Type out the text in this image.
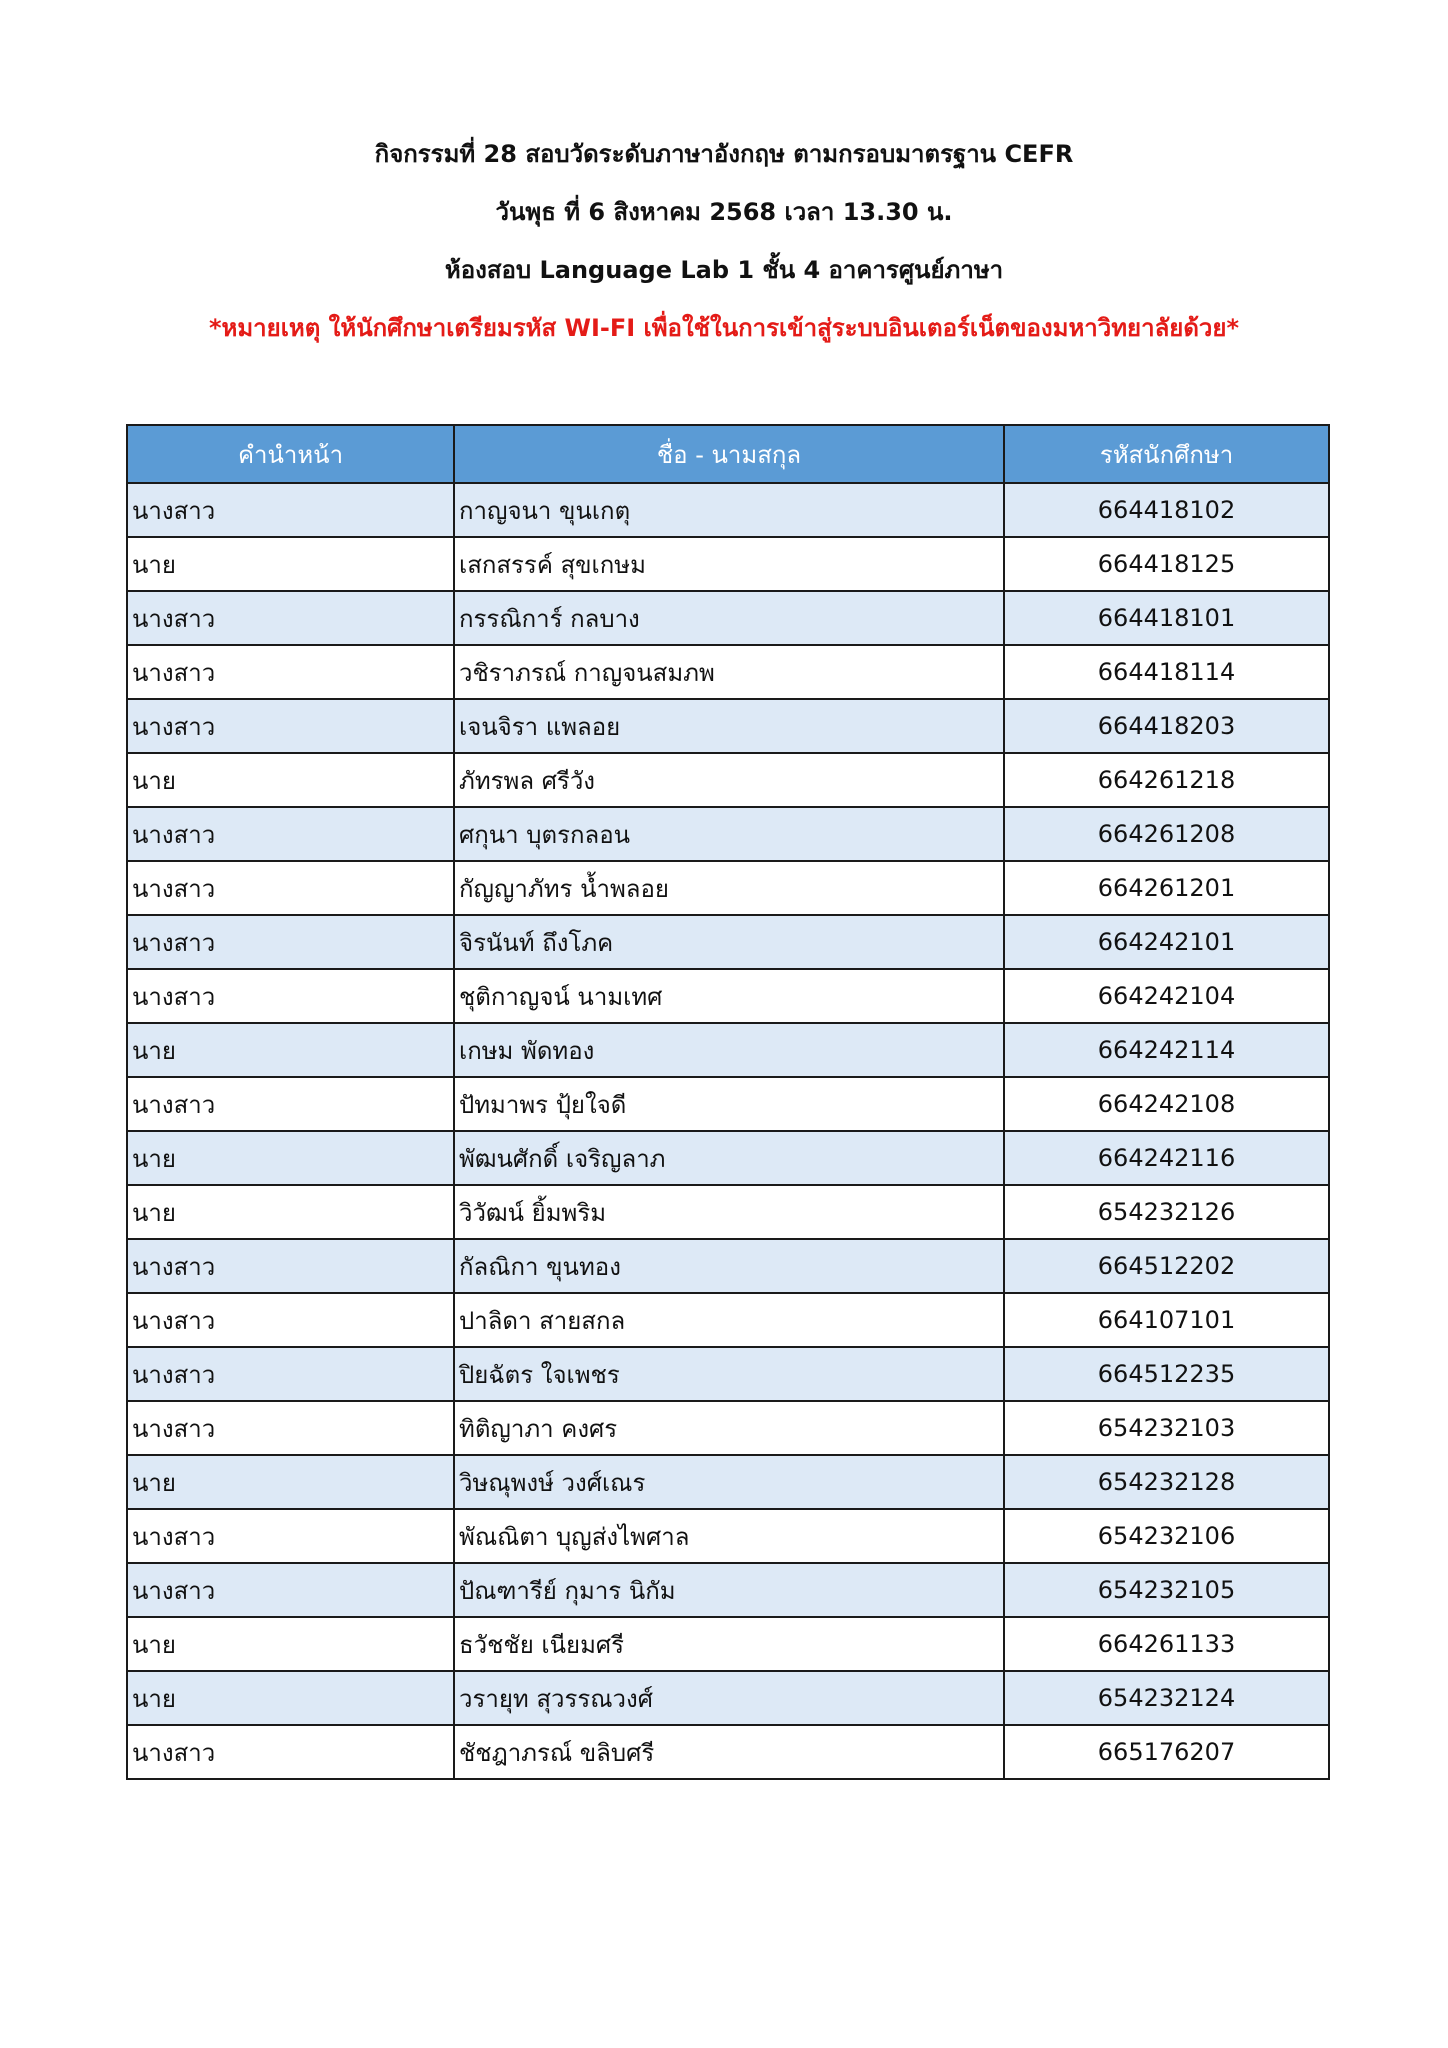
กิจกรรมที่ 28 สอบวัดระดับภาษาอังกฤษ ตามกรอบมาตรฐาน CEFR
วันพุธ ที่ 6 สิงหาคม 2568 เวลา 13.30 น.
ห้องสอบ Language Lab 1 ชั้น 4 อาคารศูนย์ภาษา
*หมายเหตุ ให้นักศึกษาเตรียมรหัส WI-FI เพื่อใช้ในการเข้าสู่ระบบอินเตอร์เน็ตของมหาวิทยาลัยด้วย*
คำนำหน้า	ชื่อ - นามสกุล	รหัสนักศึกษา
นางสาว	กาญจนา ขุนเกตุ	664418102
นาย	เสกสรรค์ สุขเกษม	664418125
นางสาว	กรรณิการ์ กลบาง	664418101
นางสาว	วชิราภรณ์ กาญจนสมภพ	664418114
นางสาว	เจนจิรา แพลอย	664418203
นาย	ภัทรพล ศรีวัง	664261218
นางสาว	ศกุนา บุตรกลอน	664261208
นางสาว	กัญญาภัทร น้ำพลอย	664261201
นางสาว	จิรนันท์ ถึงโภค	664242101
นางสาว	ชุติกาญจน์ นามเทศ	664242104
นาย	เกษม พัดทอง	664242114
นางสาว	ปัทมาพร ปุ้ยใจดี	664242108
นาย	พัฒนศักดิ์ เจริญลาภ	664242116
นาย	วิวัฒน์ ยิ้มพริม	654232126
นางสาว	กัลณิกา ขุนทอง	664512202
นางสาว	ปาลิดา สายสกล	664107101
นางสาว	ปิยฉัตร ใจเพชร	664512235
นางสาว	ทิติญาภา คงศร	654232103
นาย	วิษณุพงษ์ วงศ์เณร	654232128
นางสาว	พัณณิตา บุญส่งไพศาล	654232106
นางสาว	ปัณฑารีย์ กุมาร นิกัม	654232105
นาย	ธวัชชัย เนียมศรี	664261133
นาย	วรายุท สุวรรณวงศ์	654232124
นางสาว	ชัชฎาภรณ์ ขลิบศรี	665176207
